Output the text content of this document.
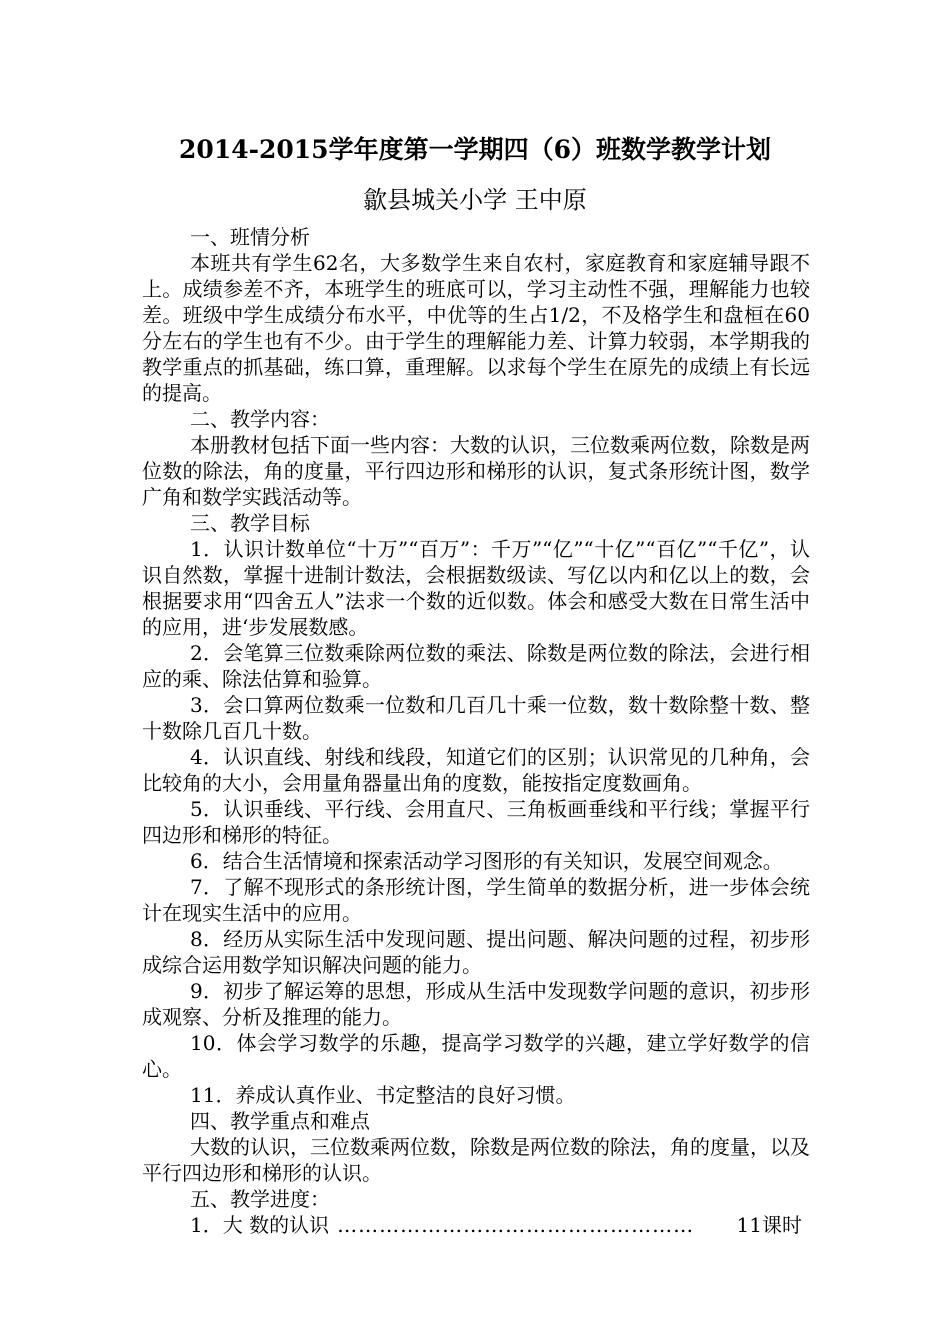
2014-2015学年度第一学期四（6）班数学教学计划
歙县城关小学 王中原

一、班情分析

本班共有学生62名，大多数学生来自农村，家庭教育和家庭辅导跟不上。成绩参差不齐，本班学生的班底可以，学习主动性不强，理解能力也较差。班级中学生成绩分布水平，中优等的生占1/2，不及格学生和盘桓在60分左右的学生也有不少。由于学生的理解能力差、计算力较弱，本学期我的教学重点的抓基础，练口算，重理解。以求每个学生在原先的成绩上有长远的提高。

二、教学内容：

本册教材包括下面一些内容：大数的认识，三位数乘两位数，除数是两位数的除法，角的度量，平行四边形和梯形的认识，复式条形统计图，数学广角和数学实践活动等。

三、教学目标

1．认识计数单位“十万”“百万”：千万”“亿”“十亿”“百亿”“千亿”，认识自然数，掌握十进制计数法，会根据数级读、写亿以内和亿以上的数，会根据要求用“四舍五人”法求一个数的近似数。体会和感受大数在日常生活中的应用，进‘步发展数感。

2．会笔算三位数乘除两位数的乘法、除数是两位数的除法，会进行相应的乘、除法估算和验算。

3．会口算两位数乘一位数和几百几十乘一位数，数十数除整十数、整十数除几百几十数。

4．认识直线、射线和线段，知道它们的区别；认识常见的几种角，会比较角的大小，会用量角器量出角的度数，能按指定度数画角。

5．认识垂线、平行线、会用直尺、三角板画垂线和平行线；掌握平行四边形和梯形的特征。

6．结合生活情境和探索活动学习图形的有关知识，发展空间观念。

7．了解不现形式的条形统计图，学生简单的数据分析，进一步体会统计在现实生活中的应用。

8．经历从实际生活中发现问题、提出问题、解决问题的过程，初步形成综合运用数学知识解决问题的能力。

9．初步了解运筹的思想，形成从生活中发现数学问题的意识，初步形成观察、分析及推理的能力。

10．体会学习数学的乐趣，提高学习数学的兴趣，建立学好数学的信心。

11．养成认真作业、书定整洁的良好习惯。

四、教学重点和难点

大数的认识，三位数乘两位数，除数是两位数的除法，角的度量，以及平行四边形和梯形的认识。

五、教学进度：

1．大 数的认识 ……………………………………………	11课时
